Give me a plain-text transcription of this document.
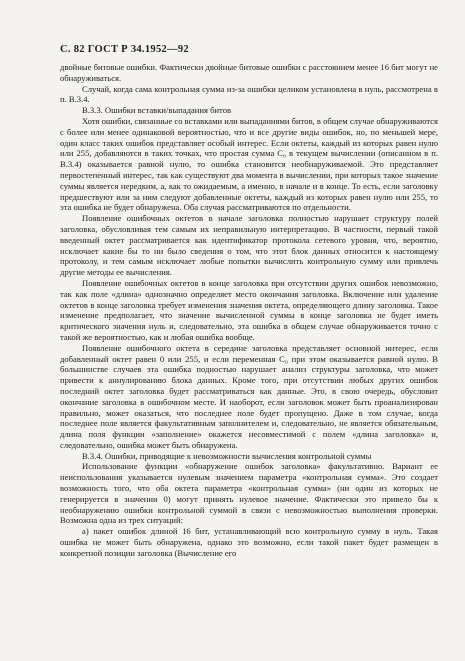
С. 82 ГОСТ Р 34.1952—92

двойные битовые ошибки. Фактически двойные битовые ошибки с расстоянием менее 16 бит могут не обнаруживаться.

Случай, когда сама контрольная сумма из-за ошибки целиком установлена в нуль, рассмотрена в п. В.3.4.

В.3.3. Ошибки вставки/выпадания битов

Хотя ошибки, связанные со вставками или выпаданиями битов, в общем случае обнаруживаются с более или менее одинаковой вероятностью, что и все другие виды ошибок, но, по меньшей мере, один класс таких ошибок представляет особый интерес. Если октеты, каждый из которых равен нулю или 255, добавляются в таких точках, что простая сумма C₀ в текущем вычислении (описанном в п. В.3.4) оказывается равной нулю, то ошибка становится необнаруживаемой. Это представляет первостепенный интерес, так как существуют два момента в вычислении, при которых такое значение суммы является нередким, а, как то ожидаемым, а именно, в начале и в конце. То есть, если заголовку предшествуют или за ним следуют добавленные октеты, каждый из которых равен нулю или 255, то эта ошибка не будет обнаружена. Оба случая рассматриваются по отдельности.

Появление ошибочных октетов в начале заголовка полностью нарушает структуру полей заголовка, обусловливая тем самым их неправильную интерпретацию. В частности, первый такой введенный октет рассматривается как идентификатор протокола сетевого уровня, что, вероятно, исключает какие бы то ни было сведения о том, что этот блок данных относится к настоящему протоколу, и тем самым исключает любые попытки вычислить контрольную сумму или привлечь другие методы ее вычисления.

Появление ошибочных октетов в конце заголовка при отсутствии других ошибок невозможно, так как поле «длина» однозначно определяет место окончания заголовка. Включение или удаление октетов в конце заголовка требует изменения значения октета, определяющего длину заголовка. Такое изменение предполагает, что значение вычисленной суммы в конце заголовка не будет иметь критического значения нуль и, следовательно, эта ошибка в общем случае обнаруживается точно с такой же вероятностью, как и любая ошибка вообще.

Появление ошибочного октета в середине заголовка представляет основной интерес, если добавленный октет равен 0 или 255, и если переменная C₀ при этом оказывается равной нулю. В большинстве случаев эта ошибка подностью нарушает анализ структуры заголовка, что может привести к аннулированию блока данных. Кроме того, при отсутствии любых других ошибок последний октет заголовка будет рассматриваться как данные. Это, в свою очередь, обусловит окончание заголовка в ошибочном месте. И наоборот, если заголовок может быть проанализирован правильно, может оказаться, что последнее поле будет пропущено. Даже в том случае, когда последнее поле является факультативным заполнителем и, следовательно, не является обязательным, длина поля функции «заполнение» окажется несовместимой с полем «длина заголовка» и, следовательно, ошибка может быть обнаружена.

В.3.4. Ошибки, приводящие к невозможности вычисления контрольной суммы

Использование функции «обнаружение ошибок заголовка» факультативно. Вариант ее неиспользования указывается нулевым значением параметра «контрольная сумма». Это создает возможность того, что оба октета параметра «контрольная сумма» (ни один из которых не генерируется в значении 0) могут принять нулевое значение. Фактически это привело бы к необнаружению ошибки контрольной суммой в связи с невозможностью выполнения проверки. Возможна одна из трех ситуаций:

а) пакет ошибок длиной 16 бит, устанавливающий всю контрольную сумму в нуль. Такая ошибка не может быть обнаружена, однако это возможно, если такой пакет будет размещен в конкретной позиции заголовка (Вычисление его
